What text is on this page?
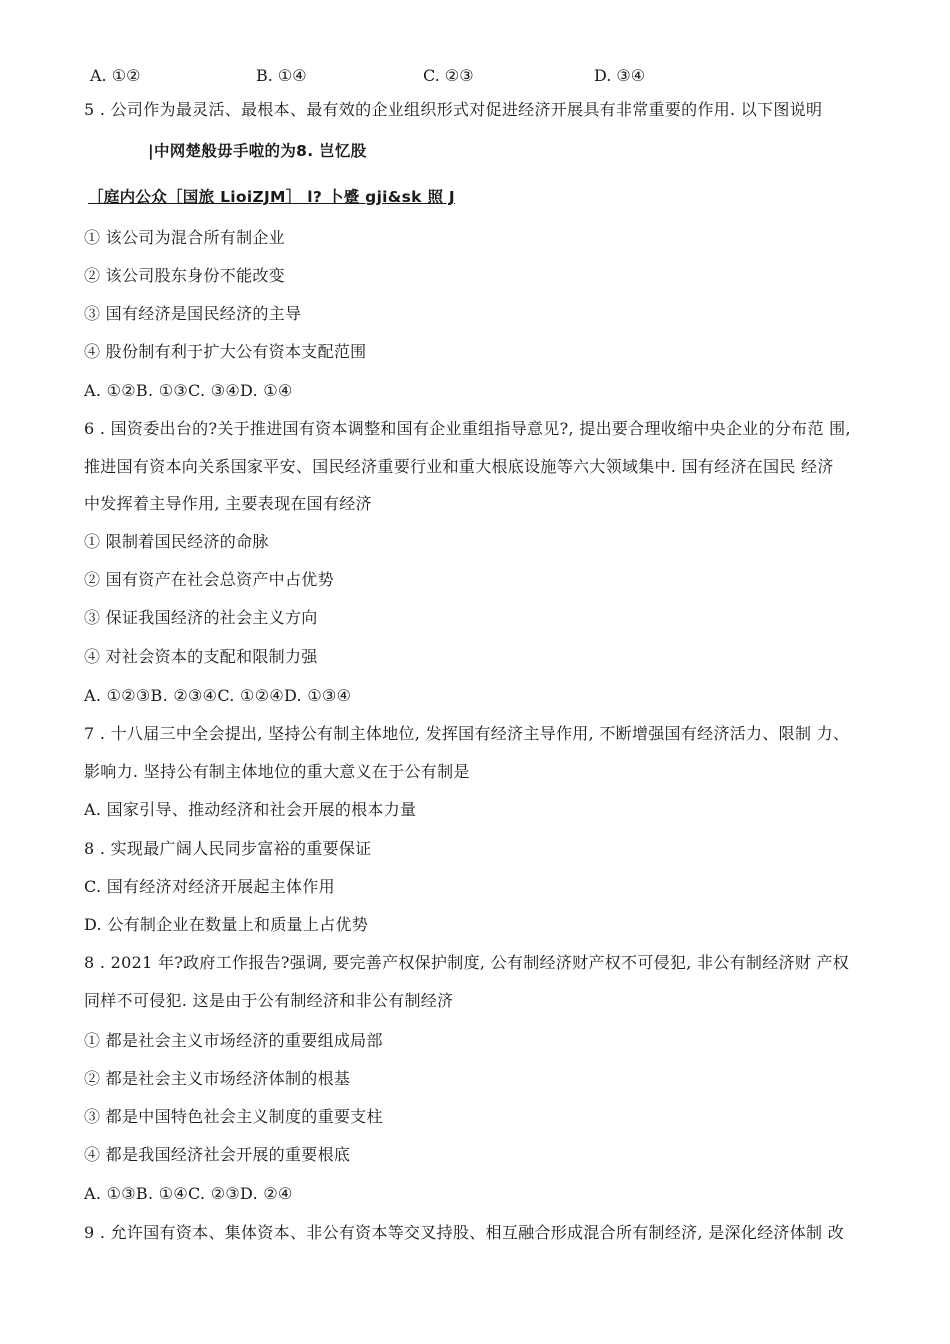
A. ①②	B. ①④	C. ②③	D. ③④
5 . 公司作为最灵活、最根本、最有效的企业组织形式对促进经济开展具有非常重要的作用. 以下图说明
|中网楚般毋手啦的为8. 岂忆股
［庭内公众［国旅 LioiZJM］ l? 卜蹙 gji&sk 照 J
① 该公司为混合所有制企业
② 该公司股东身份不能改变
③ 国有经济是国民经济的主导
④ 股份制有利于扩大公有资本支配范围
A. ①②B. ①③C. ③④D. ①④
6 . 国资委出台的?关于推进国有资本调整和国有企业重组指导意见?, 提出要合理收缩中央企业的分布范 围,
推进国有资本向关系国家平安、国民经济重要行业和重大根底设施等六大领域集中. 国有经济在国民 经济
中发挥着主导作用, 主要表现在国有经济
① 限制着国民经济的命脉
② 国有资产在社会总资产中占优势
③ 保证我国经济的社会主义方向
④ 对社会资本的支配和限制力强
A. ①②③B. ②③④C. ①②④D. ①③④
7 . 十八届三中全会提出, 坚持公有制主体地位, 发挥国有经济主导作用, 不断增强国有经济活力、限制 力、
影响力. 坚持公有制主体地位的重大意义在于公有制是
A. 国家引导、推动经济和社会开展的根本力量
8 . 实现最广阔人民同步富裕的重要保证
C. 国有经济对经济开展起主体作用
D. 公有制企业在数量上和质量上占优势
8 . 2021 年?政府工作报告?强调, 要完善产权保护制度, 公有制经济财产权不可侵犯, 非公有制经济财 产权
同样不可侵犯. 这是由于公有制经济和非公有制经济
① 都是社会主义市场经济的重要组成局部
② 都是社会主义市场经济体制的根基
③ 都是中国特色社会主义制度的重要支柱
④ 都是我国经济社会开展的重要根底
A. ①③B. ①④C. ②③D. ②④
9 . 允许国有资本、集体资本、非公有资本等交叉持股、相互融合形成混合所有制经济, 是深化经济体制 改
